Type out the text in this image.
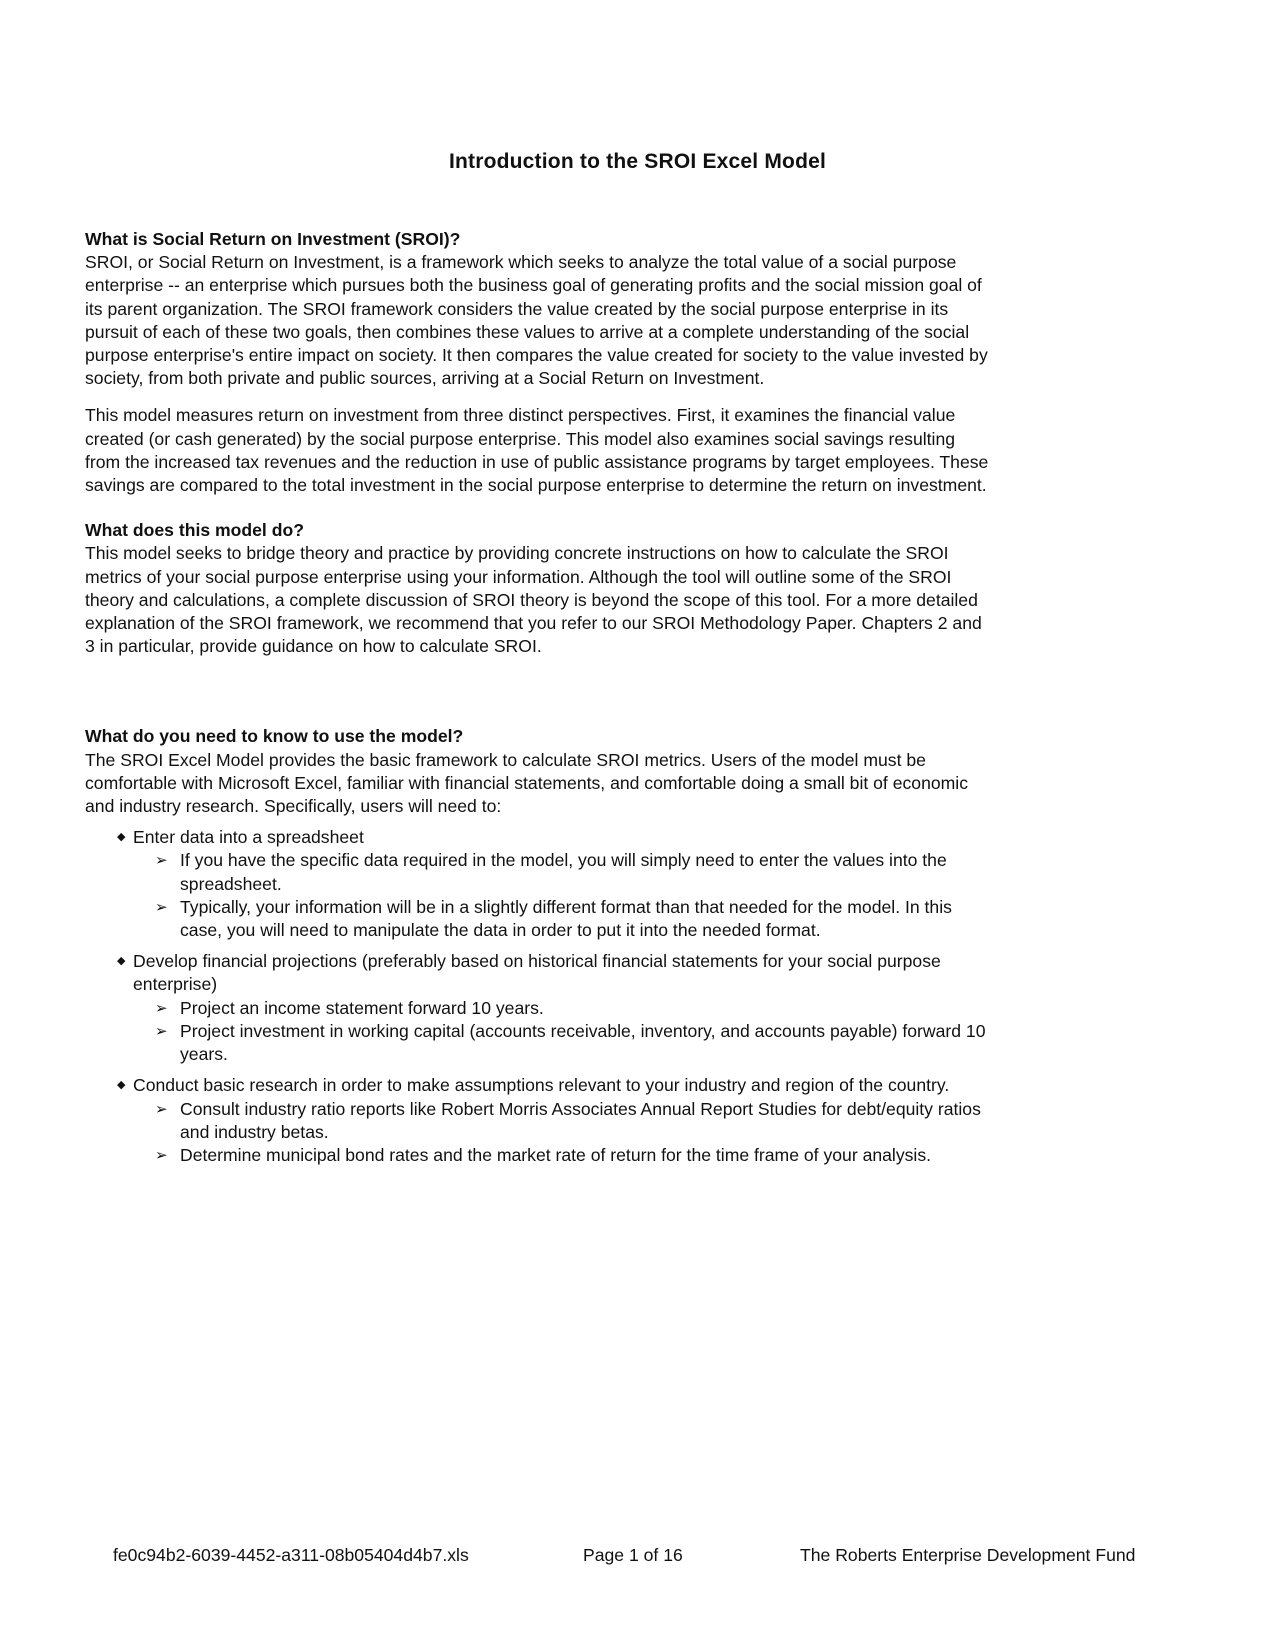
Introduction to the SROI Excel Model

What is Social Return on Investment (SROI)?

SROI, or Social Return on Investment, is a framework which seeks to analyze the total value of a social purpose enterprise -- an enterprise which pursues both the business goal of generating profits and the social mission goal of its parent organization. The SROI framework considers the value created by the social purpose enterprise in its pursuit of each of these two goals, then combines these values to arrive at a complete understanding of the social purpose enterprise's entire impact on society. It then compares the value created for society to the value invested by society, from both private and public sources, arriving at a Social Return on Investment.

This model measures return on investment from three distinct perspectives. First, it examines the financial value created (or cash generated) by the social purpose enterprise. This model also examines social savings resulting from the increased tax revenues and the reduction in use of public assistance programs by target employees. These savings are compared to the total investment in the social purpose enterprise to determine the return on investment.

What does this model do?

This model seeks to bridge theory and practice by providing concrete instructions on how to calculate the SROI metrics of your social purpose enterprise using your information. Although the tool will outline some of the SROI theory and calculations, a complete discussion of SROI theory is beyond the scope of this tool. For a more detailed explanation of the SROI framework, we recommend that you refer to our SROI Methodology Paper. Chapters 2 and 3 in particular, provide guidance on how to calculate SROI.

What do you need to know to use the model?

The SROI Excel Model provides the basic framework to calculate SROI metrics. Users of the model must be comfortable with Microsoft Excel, familiar with financial statements, and comfortable doing a small bit of economic and industry research. Specifically, users will need to:

◆ Enter data into a spreadsheet
➢ If you have the specific data required in the model, you will simply need to enter the values into the spreadsheet.
➢ Typically, your information will be in a slightly different format than that needed for the model. In this case, you will need to manipulate the data in order to put it into the needed format.
◆ Develop financial projections (preferably based on historical financial statements for your social purpose enterprise)
➢ Project an income statement forward 10 years.
➢ Project investment in working capital (accounts receivable, inventory, and accounts payable) forward 10 years.
◆ Conduct basic research in order to make assumptions relevant to your industry and region of the country.
➢ Consult industry ratio reports like Robert Morris Associates Annual Report Studies for debt/equity ratios and industry betas.
➢ Determine municipal bond rates and the market rate of return for the time frame of your analysis.
fe0c94b2-6039-4452-a311-08b05404d4b7.xls	Page 1 of 16	The Roberts Enterprise Development Fund
